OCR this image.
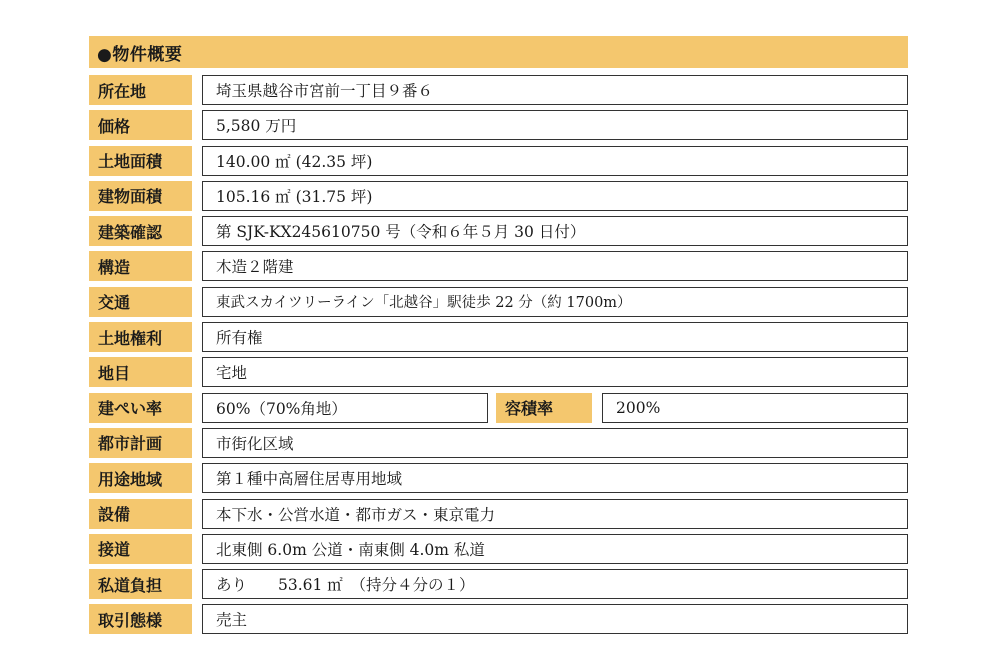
●物件概要
所在地	埼玉県越谷市宮前一丁目９番６
価格	5,580 万円
土地面積	140.00 ㎡ (42.35 坪)
建物面積	105.16 ㎡ (31.75 坪)
建築確認	第 SJK-KX245610750 号（令和６年５月 30 日付）
構造	木造２階建
交通	東武スカイツリーライン「北越谷」駅徒歩 22 分（約 1700m）
土地権利	所有権
地目	宅地
建ぺい率	60%（70%角地）	容積率	200%
都市計画	市街化区域
用途地域	第１種中高層住居専用地域
設備	本下水・公営水道・都市ガス・東京電力
接道	北東側 6.0m 公道・南東側 4.0m 私道
私道負担	あり　　53.61 ㎡　（持分４分の１）
取引態様	売主
